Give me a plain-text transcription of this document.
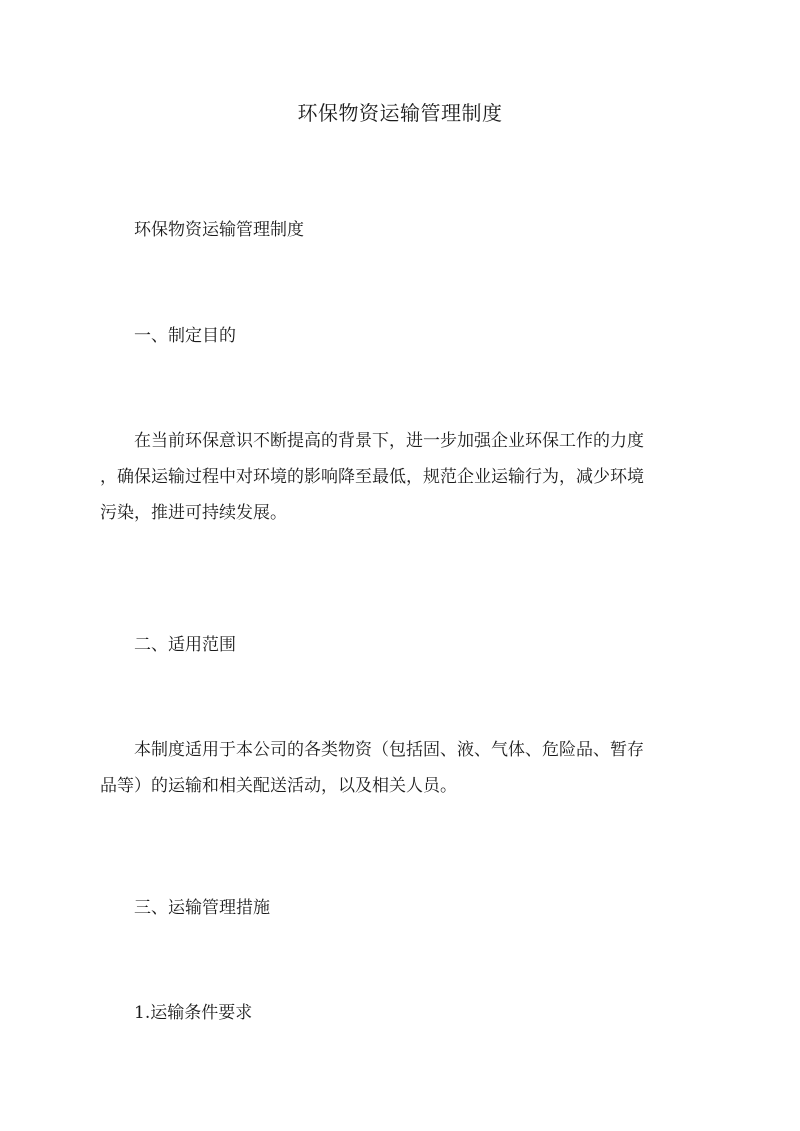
环保物资运输管理制度

环保物资运输管理制度

一、制定目的

在当前环保意识不断提高的背景下，进一步加强企业环保工作的力度
，确保运输过程中对环境的影响降至最低，规范企业运输行为，减少环境
污染，推进可持续发展。

二、适用范围

本制度适用于本公司的各类物资（包括固、液、气体、危险品、暂存
品等）的运输和相关配送活动，以及相关人员。

三、运输管理措施

1.运输条件要求
